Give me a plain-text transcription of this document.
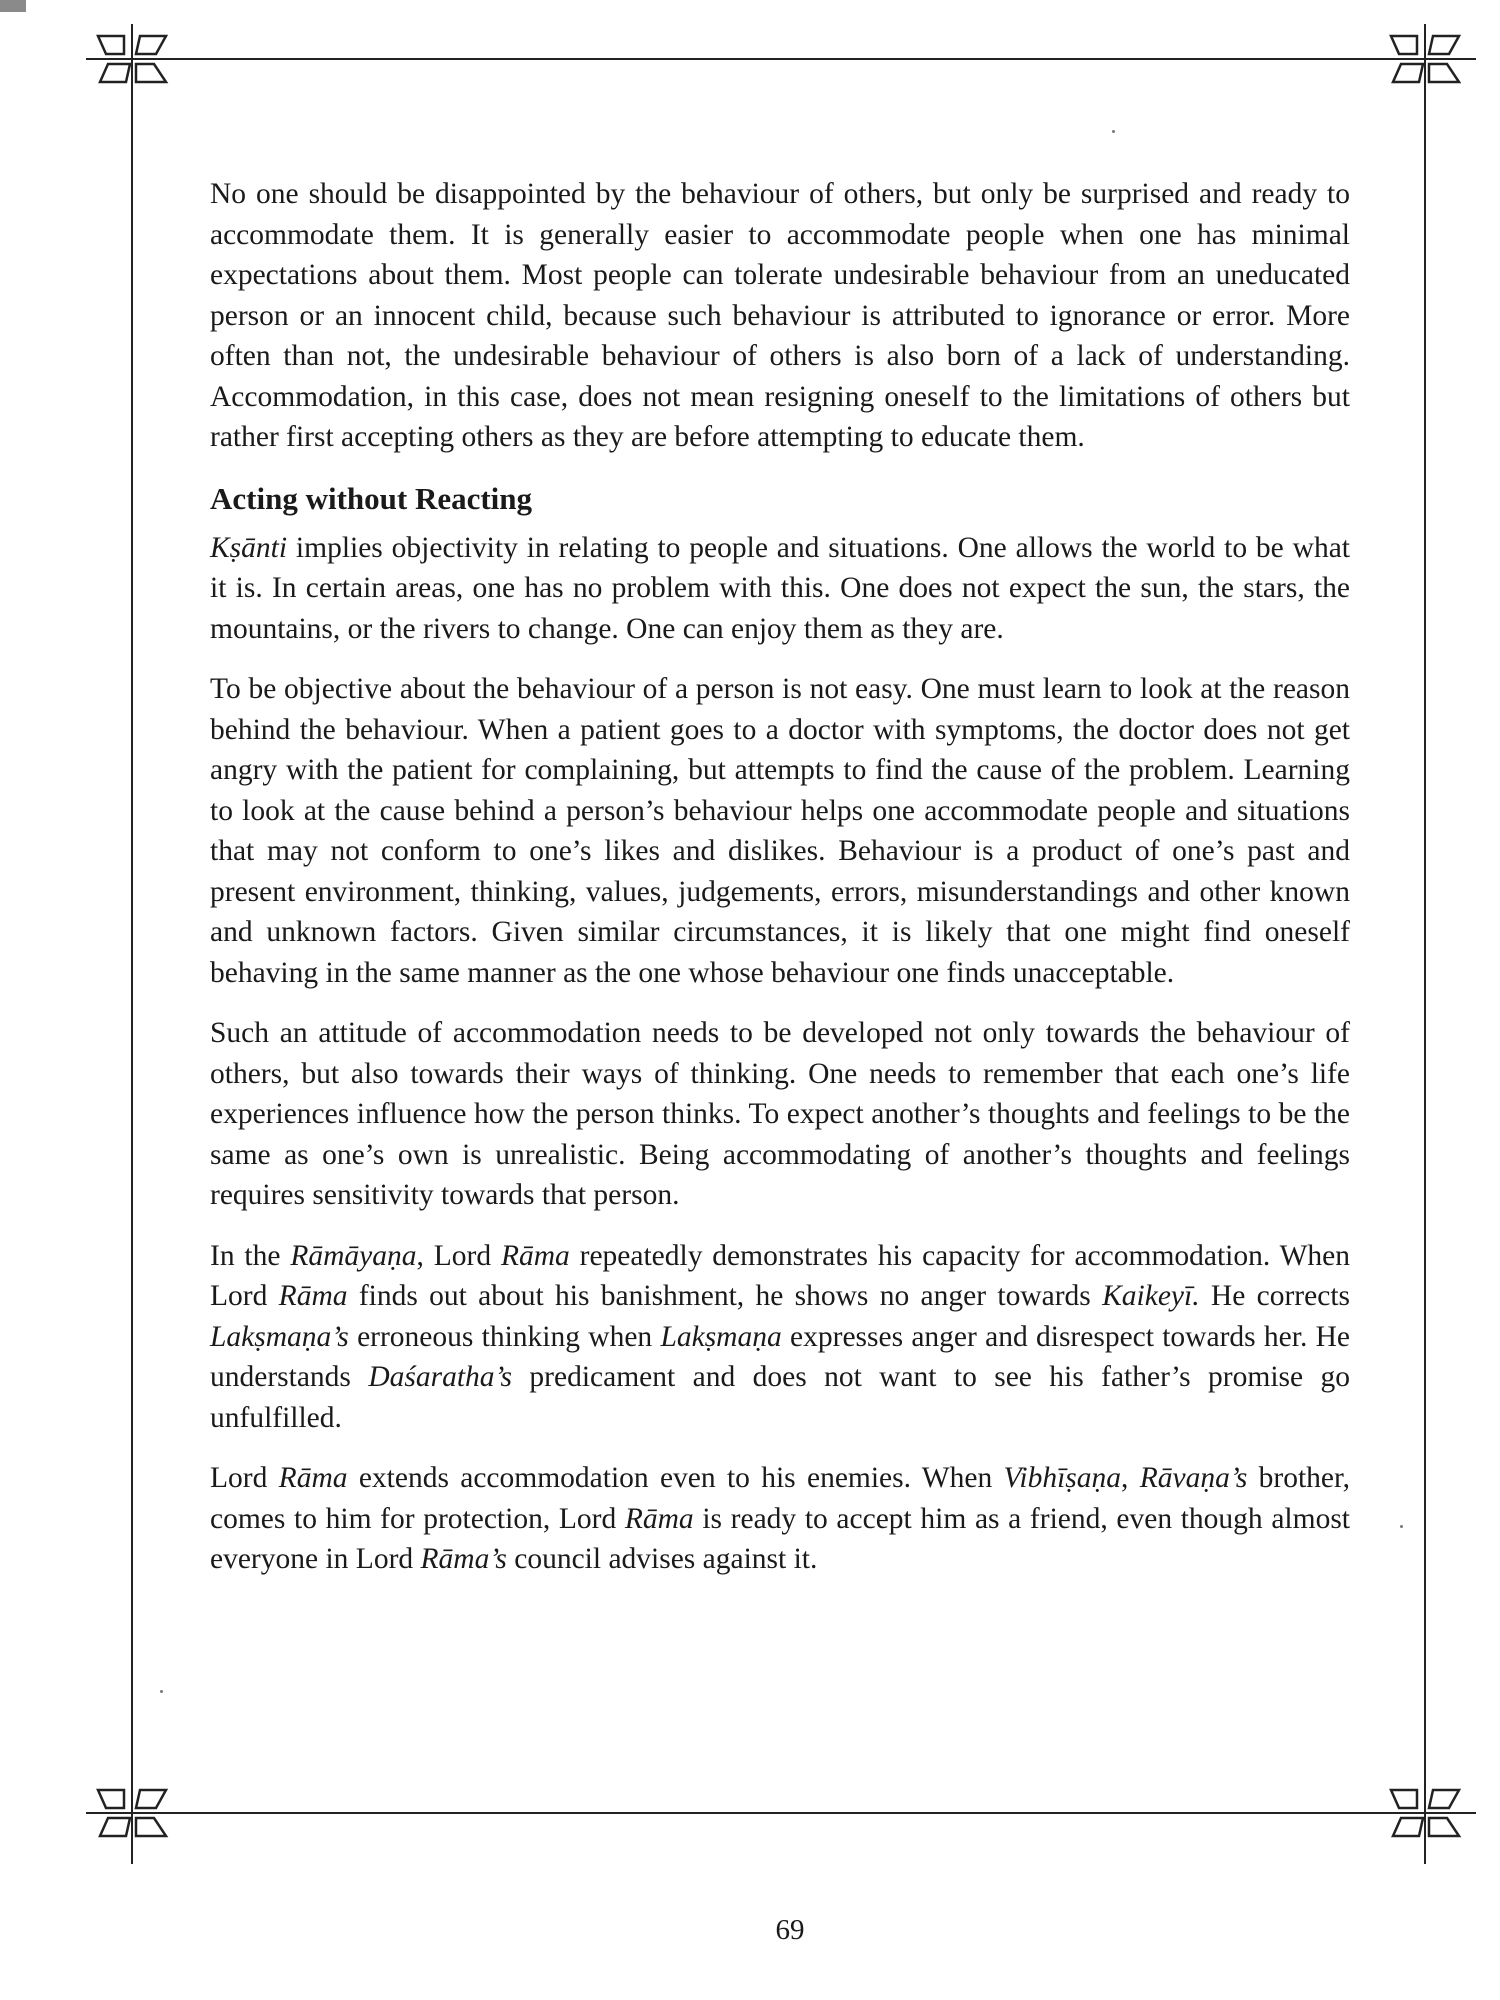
No one should be disappointed by the behaviour of others, but only be surprised and ready to accommodate them. It is generally easier to accommodate people when one has minimal expectations about them. Most people can tolerate undesirable behaviour from an uneducated person or an innocent child, because such behaviour is attributed to ignorance or error. More often than not, the undesirable behaviour of others is also born of a lack of understanding. Accommodation, in this case, does not mean resigning oneself to the limitations of others but rather first accepting others as they are before attempting to educate them.

Acting without Reacting

Kṣānti implies objectivity in relating to people and situations. One allows the world to be what it is. In certain areas, one has no problem with this. One does not expect the sun, the stars, the mountains, or the rivers to change. One can enjoy them as they are.

To be objective about the behaviour of a person is not easy. One must learn to look at the reason behind the behaviour. When a patient goes to a doctor with symptoms, the doctor does not get angry with the patient for complaining, but attempts to find the cause of the problem. Learning to look at the cause behind a person’s behaviour helps one accommodate people and situations that may not conform to one’s likes and dislikes. Behaviour is a product of one’s past and present environment, thinking, values, judgements, errors, misunderstandings and other known and unknown factors. Given similar circumstances, it is likely that one might find oneself behaving in the same manner as the one whose behaviour one finds unacceptable.

Such an attitude of accommodation needs to be developed not only towards the behaviour of others, but also towards their ways of thinking. One needs to remember that each one’s life experiences influence how the person thinks. To expect another’s thoughts and feelings to be the same as one’s own is unrealistic. Being accommodating of another’s thoughts and feelings requires sensitivity towards that person.

In the Rāmāyaṇa, Lord Rāma repeatedly demonstrates his capacity for accommodation. When Lord Rāma finds out about his banishment, he shows no anger towards Kaikeyī. He corrects Lakṣmaṇa’s erroneous thinking when Lakṣmaṇa expresses anger and disrespect towards her. He understands Daśaratha’s predicament and does not want to see his father’s promise go unfulfilled.

Lord Rāma extends accommodation even to his enemies. When Vibhīṣaṇa, Rāvaṇa’s brother, comes to him for protection, Lord Rāma is ready to accept him as a friend, even though almost everyone in Lord Rāma’s council advises against it.

69
